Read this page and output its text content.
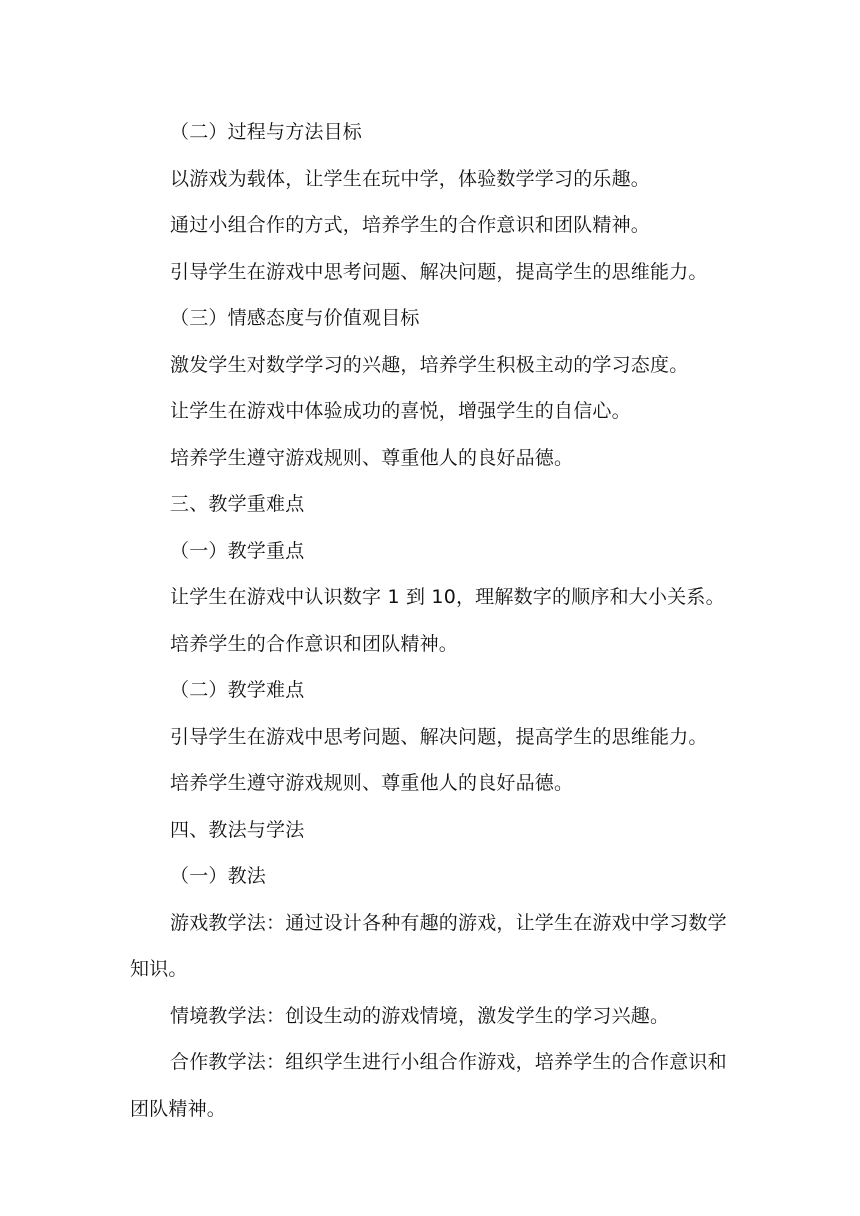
（二）过程与方法目标

以游戏为载体，让学生在玩中学，体验数学学习的乐趣。

通过小组合作的方式，培养学生的合作意识和团队精神。

引导学生在游戏中思考问题、解决问题，提高学生的思维能力。

（三）情感态度与价值观目标

激发学生对数学学习的兴趣，培养学生积极主动的学习态度。

让学生在游戏中体验成功的喜悦，增强学生的自信心。

培养学生遵守游戏规则、尊重他人的良好品德。

三、教学重难点

（一）教学重点

让学生在游戏中认识数字 1 到 10，理解数字的顺序和大小关系。

培养学生的合作意识和团队精神。

（二）教学难点

引导学生在游戏中思考问题、解决问题，提高学生的思维能力。

培养学生遵守游戏规则、尊重他人的良好品德。

四、教法与学法

（一）教法

游戏教学法：通过设计各种有趣的游戏，让学生在游戏中学习数学知识。

情境教学法：创设生动的游戏情境，激发学生的学习兴趣。

合作教学法：组织学生进行小组合作游戏，培养学生的合作意识和团队精神。
